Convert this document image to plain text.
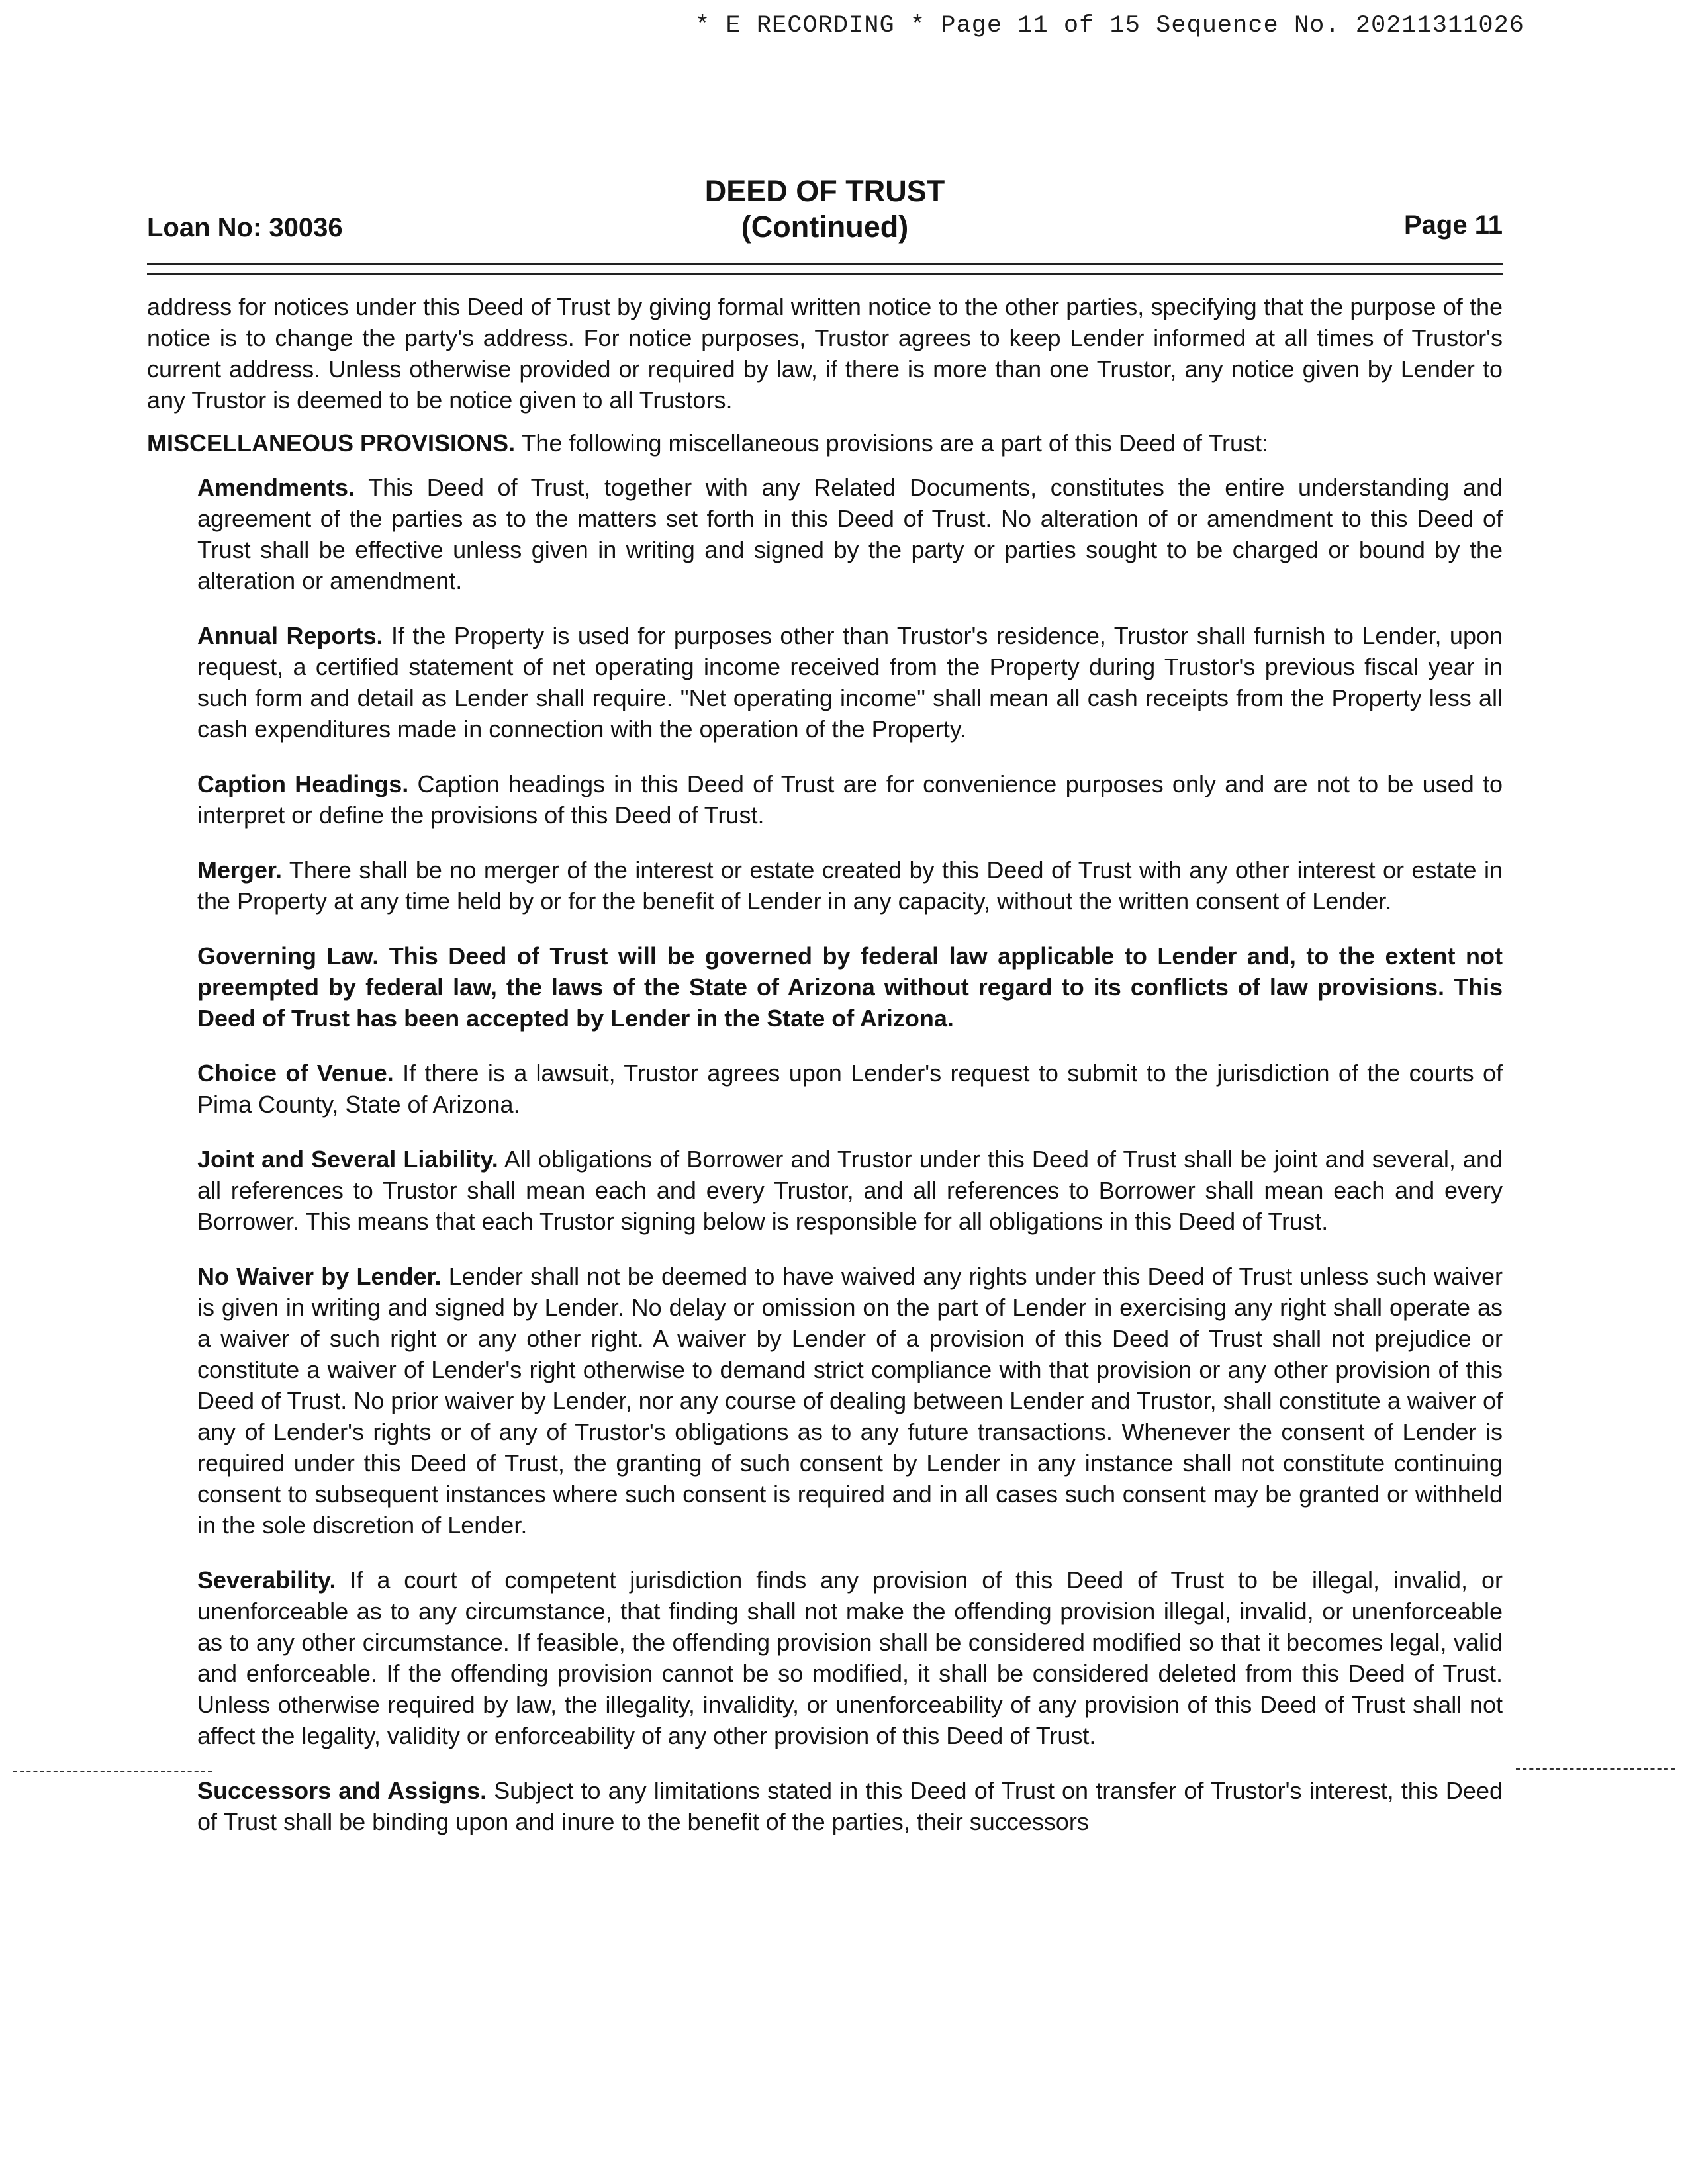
* E RECORDING * Page 11 of 15 Sequence No. 20211311026
Loan No: 30036
DEED OF TRUST
(Continued)	Page 11

address for notices under this Deed of Trust by giving formal written notice to the other parties, specifying that the purpose of the notice is to change the party's address. For notice purposes, Trustor agrees to keep Lender informed at all times of Trustor's current address. Unless otherwise provided or required by law, if there is more than one Trustor, any notice given by Lender to any Trustor is deemed to be notice given to all Trustors.

MISCELLANEOUS PROVISIONS. The following miscellaneous provisions are a part of this Deed of Trust:

Amendments. This Deed of Trust, together with any Related Documents, constitutes the entire understanding and agreement of the parties as to the matters set forth in this Deed of Trust. No alteration of or amendment to this Deed of Trust shall be effective unless given in writing and signed by the party or parties sought to be charged or bound by the alteration or amendment.

Annual Reports. If the Property is used for purposes other than Trustor's residence, Trustor shall furnish to Lender, upon request, a certified statement of net operating income received from the Property during Trustor's previous fiscal year in such form and detail as Lender shall require. "Net operating income" shall mean all cash receipts from the Property less all cash expenditures made in connection with the operation of the Property.

Caption Headings. Caption headings in this Deed of Trust are for convenience purposes only and are not to be used to interpret or define the provisions of this Deed of Trust.

Merger. There shall be no merger of the interest or estate created by this Deed of Trust with any other interest or estate in the Property at any time held by or for the benefit of Lender in any capacity, without the written consent of Lender.

Governing Law. This Deed of Trust will be governed by federal law applicable to Lender and, to the extent not preempted by federal law, the laws of the State of Arizona without regard to its conflicts of law provisions. This Deed of Trust has been accepted by Lender in the State of Arizona.

Choice of Venue. If there is a lawsuit, Trustor agrees upon Lender's request to submit to the jurisdiction of the courts of Pima County, State of Arizona.

Joint and Several Liability. All obligations of Borrower and Trustor under this Deed of Trust shall be joint and several, and all references to Trustor shall mean each and every Trustor, and all references to Borrower shall mean each and every Borrower. This means that each Trustor signing below is responsible for all obligations in this Deed of Trust.

No Waiver by Lender. Lender shall not be deemed to have waived any rights under this Deed of Trust unless such waiver is given in writing and signed by Lender. No delay or omission on the part of Lender in exercising any right shall operate as a waiver of such right or any other right. A waiver by Lender of a provision of this Deed of Trust shall not prejudice or constitute a waiver of Lender's right otherwise to demand strict compliance with that provision or any other provision of this Deed of Trust. No prior waiver by Lender, nor any course of dealing between Lender and Trustor, shall constitute a waiver of any of Lender's rights or of any of Trustor's obligations as to any future transactions. Whenever the consent of Lender is required under this Deed of Trust, the granting of such consent by Lender in any instance shall not constitute continuing consent to subsequent instances where such consent is required and in all cases such consent may be granted or withheld in the sole discretion of Lender.

Severability. If a court of competent jurisdiction finds any provision of this Deed of Trust to be illegal, invalid, or unenforceable as to any circumstance, that finding shall not make the offending provision illegal, invalid, or unenforceable as to any other circumstance. If feasible, the offending provision shall be considered modified so that it becomes legal, valid and enforceable. If the offending provision cannot be so modified, it shall be considered deleted from this Deed of Trust. Unless otherwise required by law, the illegality, invalidity, or unenforceability of any provision of this Deed of Trust shall not affect the legality, validity or enforceability of any other provision of this Deed of Trust.

Successors and Assigns. Subject to any limitations stated in this Deed of Trust on transfer of Trustor's interest, this Deed of Trust shall be binding upon and inure to the benefit of the parties, their successors
